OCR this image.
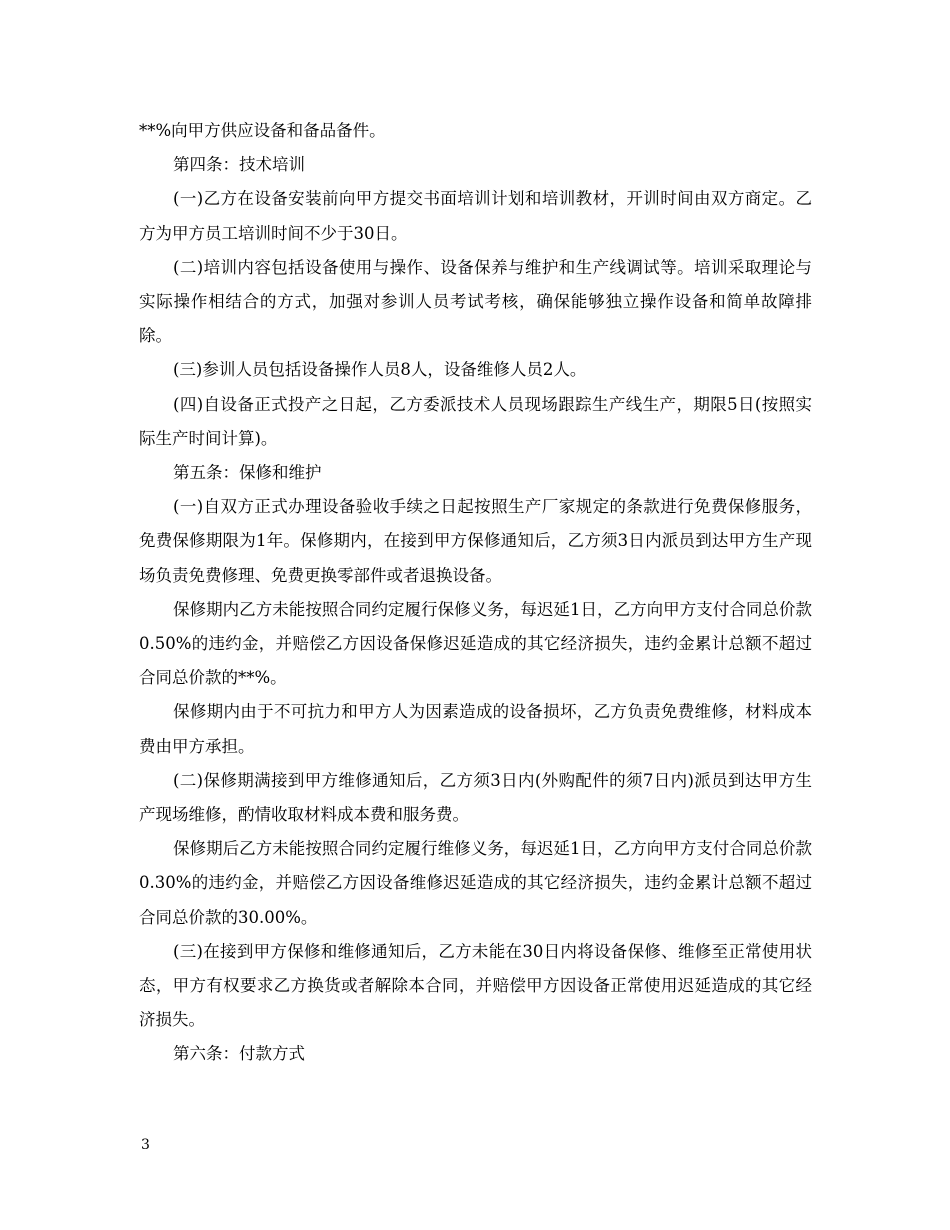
**%向甲方供应设备和备品备件。

第四条：技术培训

(一)乙方在设备安装前向甲方提交书面培训计划和培训教材，开训时间由双方商定。乙方为甲方员工培训时间不少于30日。

(二)培训内容包括设备使用与操作、设备保养与维护和生产线调试等。培训采取理论与实际操作相结合的方式，加强对参训人员考试考核，确保能够独立操作设备和简单故障排除。

(三)参训人员包括设备操作人员8人，设备维修人员2人。

(四)自设备正式投产之日起，乙方委派技术人员现场跟踪生产线生产，期限5日(按照实际生产时间计算)。

第五条：保修和维护

(一)自双方正式办理设备验收手续之日起按照生产厂家规定的条款进行免费保修服务，免费保修期限为1年。保修期内，在接到甲方保修通知后，乙方须3日内派员到达甲方生产现场负责免费修理、免费更换零部件或者退换设备。

保修期内乙方未能按照合同约定履行保修义务，每迟延1日，乙方向甲方支付合同总价款0.50%的违约金，并赔偿乙方因设备保修迟延造成的其它经济损失，违约金累计总额不超过合同总价款的**%。

保修期内由于不可抗力和甲方人为因素造成的设备损坏，乙方负责免费维修，材料成本费由甲方承担。

(二)保修期满接到甲方维修通知后，乙方须3日内(外购配件的须7日内)派员到达甲方生产现场维修，酌情收取材料成本费和服务费。

保修期后乙方未能按照合同约定履行维修义务，每迟延1日，乙方向甲方支付合同总价款0.30%的违约金，并赔偿乙方因设备维修迟延造成的其它经济损失，违约金累计总额不超过合同总价款的30.00%。

(三)在接到甲方保修和维修通知后，乙方未能在30日内将设备保修、维修至正常使用状态，甲方有权要求乙方换货或者解除本合同，并赔偿甲方因设备正常使用迟延造成的其它经济损失。

第六条：付款方式

3
